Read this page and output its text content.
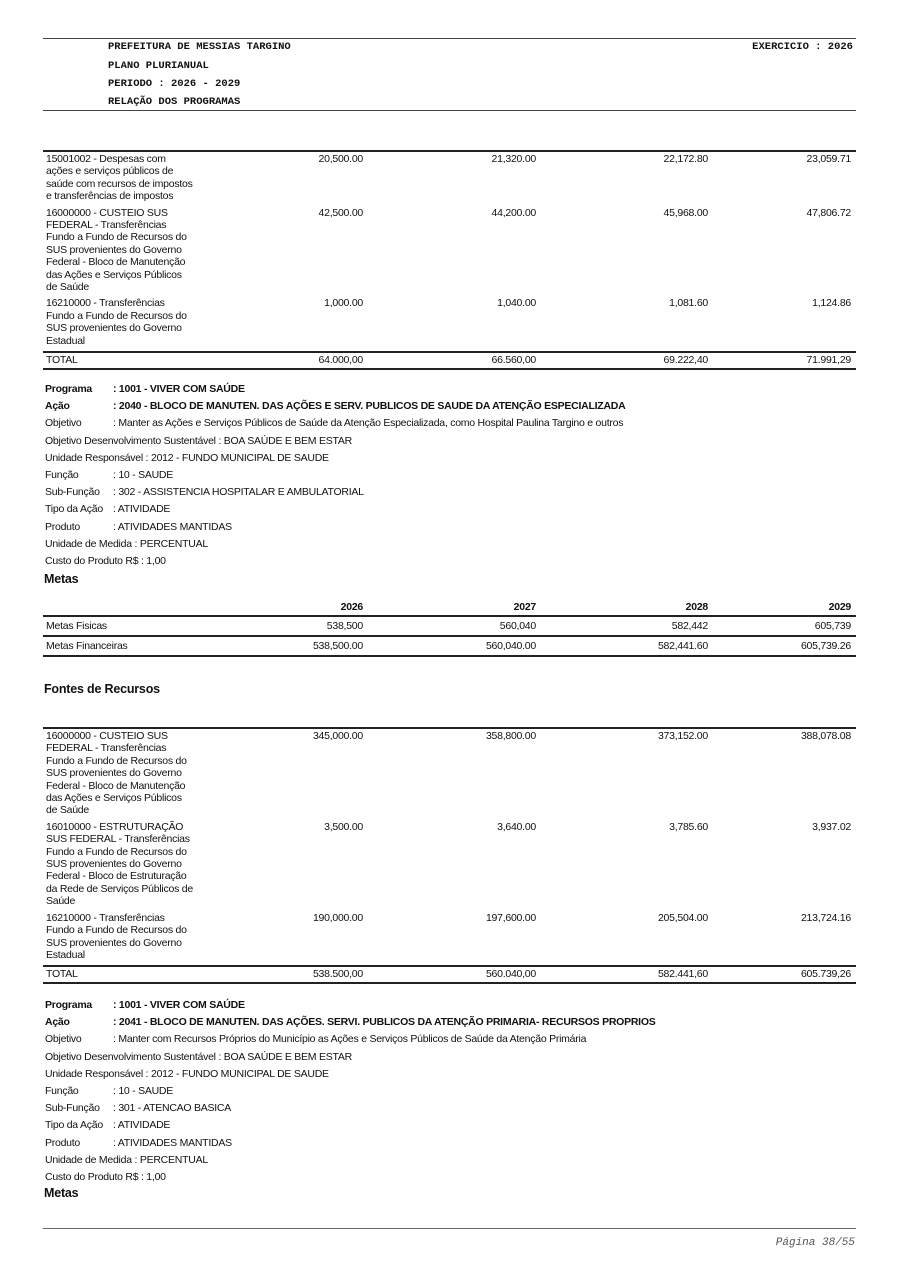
PREFEITURA DE MESSIAS TARGINO
PLANO PLURIANUAL
PERIODO : 2026 - 2029
RELAÇÃO DOS PROGRAMAS
EXERCICIO : 2026
15001002 - Despesas com
ações e serviços públicos de
saúde com recursos de impostos
e transferências de impostos
20,500.00	21,320.00	22,172.80	23,059.71
16000000 - CUSTEIO SUS
FEDERAL - Transferências
Fundo a Fundo de Recursos do
SUS provenientes do Governo
Federal - Bloco de Manutenção
das Ações e Serviços Públicos
de Saúde
42,500.00	44,200.00	45,968.00	47,806.72
16210000 - Transferências
Fundo a Fundo de Recursos do
SUS provenientes do Governo
Estadual
1,000.00	1,040.00	1,081.60	1,124.86
TOTAL	64.000,00	66.560,00	69.222,40	71.991,29
Programa : 1001 - VIVER COM SAÚDE
Ação	: 2040 - BLOCO DE MANUTEN. DAS AÇÕES E SERV. PUBLICOS DE SAUDE DA ATENÇÃO ESPECIALIZADA
Objetivo	: Manter as Ações e Serviços Públicos de Saúde da Atenção Especializada, como Hospital Paulina Targino e outros
Objetivo Desenvolvimento Sustentável : BOA SAÚDE E BEM ESTAR
Unidade Responsável : 2012 - FUNDO MUNICIPAL DE SAUDE
Função	: 10 - SAUDE
Sub-Função : 302 - ASSISTENCIA HOSPITALAR E AMBULATORIAL
Tipo da Ação : ATIVIDADE
Produto	: ATIVIDADES MANTIDAS
Unidade de Medida : PERCENTUAL
Custo do Produto R$ : 1,00
Metas
2026	2027	2028	2029
Metas Fisicas	538,500	560,040	582,442	605,739
Metas Financeiras	538,500.00	560,040.00	582,441.60	605,739.26
Fontes de Recursos
16000000 - CUSTEIO SUS
FEDERAL - Transferências
Fundo a Fundo de Recursos do
SUS provenientes do Governo
Federal - Bloco de Manutenção
das Ações e Serviços Públicos
de Saúde
345,000.00	358,800.00	373,152.00	388,078.08
16010000 - ESTRUTURAÇÃO
SUS FEDERAL - Transferências
Fundo a Fundo de Recursos do
SUS provenientes do Governo
Federal - Bloco de Estruturação
da Rede de Serviços Públicos de
Saúde
3,500.00	3,640.00	3,785.60	3,937.02
16210000 - Transferências
Fundo a Fundo de Recursos do
SUS provenientes do Governo
Estadual
190,000.00	197,600.00	205,504.00	213,724.16
TOTAL	538.500,00	560.040,00	582.441,60	605.739,26
Programa : 1001 - VIVER COM SAÚDE
Ação	: 2041 - BLOCO DE MANUTEN. DAS AÇÕES. SERVI. PUBLICOS DA ATENÇÃO PRIMARIA- RECURSOS PROPRIOS
Objetivo	: Manter com Recursos Próprios do Município as Ações e Serviços Públicos de Saúde da Atenção Primária
Objetivo Desenvolvimento Sustentável : BOA SAÚDE E BEM ESTAR
Unidade Responsável : 2012 - FUNDO MUNICIPAL DE SAUDE
Função	: 10 - SAUDE
Sub-Função : 301 - ATENCAO BASICA
Tipo da Ação : ATIVIDADE
Produto	: ATIVIDADES MANTIDAS
Unidade de Medida : PERCENTUAL
Custo do Produto R$ : 1,00
Metas
Página 38/55
